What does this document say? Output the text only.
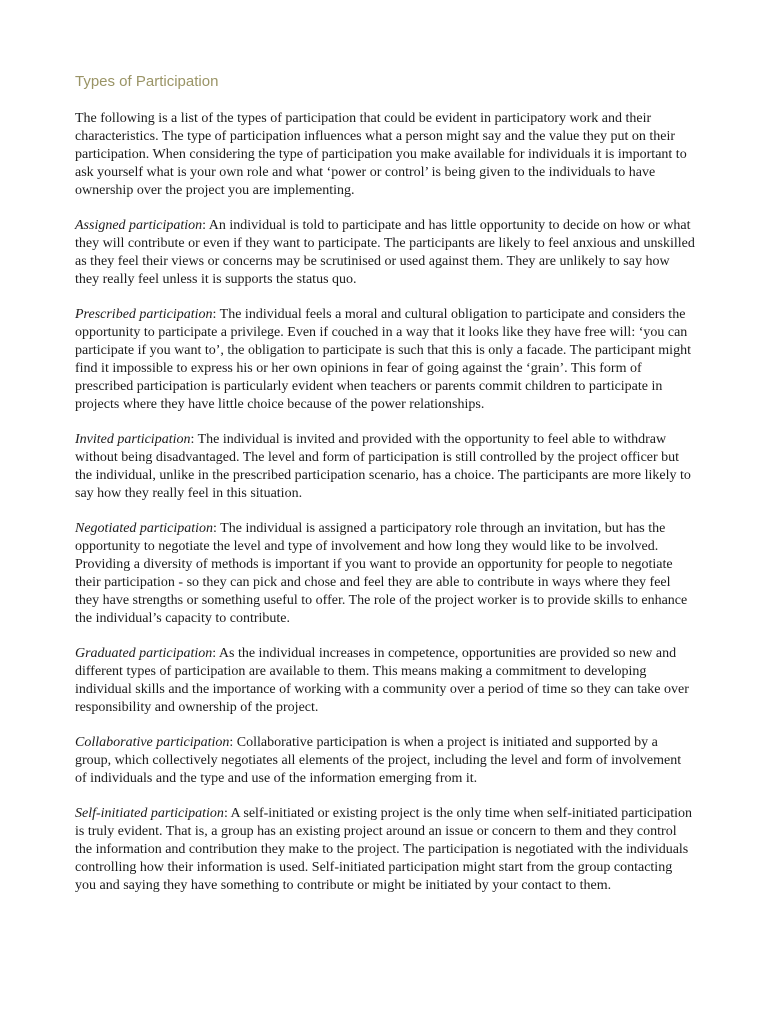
Types of Participation

The following is a list of the types of participation that could be evident in participatory work and their characteristics. The type of participation influences what a person might say and the value they put on their participation. When considering the type of participation you make available for individuals it is important to ask yourself what is your own role and what ‘power or control’ is being given to the individuals to have ownership over the project you are implementing.

Assigned participation: An individual is told to participate and has little opportunity to decide on how or what they will contribute or even if they want to participate. The participants are likely to feel anxious and unskilled as they feel their views or concerns may be scrutinised or used against them. They are unlikely to say how they really feel unless it is supports the status quo.

Prescribed participation: The individual feels a moral and cultural obligation to participate and considers the opportunity to participate a privilege. Even if couched in a way that it looks like they have free will: ‘you can participate if you want to’, the obligation to participate is such that this is only a facade. The participant might find it impossible to express his or her own opinions in fear of going against the ‘grain’. This form of prescribed participation is particularly evident when teachers or parents commit children to participate in projects where they have little choice because of the power relationships.

Invited participation: The individual is invited and provided with the opportunity to feel able to withdraw without being disadvantaged. The level and form of participation is still controlled by the project officer but the individual, unlike in the prescribed participation scenario, has a choice. The participants are more likely to say how they really feel in this situation.

Negotiated participation: The individual is assigned a participatory role through an invitation, but has the opportunity to negotiate the level and type of involvement and how long they would like to be involved. Providing a diversity of methods is important if you want to provide an opportunity for people to negotiate their participation - so they can pick and chose and feel they are able to contribute in ways where they feel they have strengths or something useful to offer. The role of the project worker is to provide skills to enhance the individual’s capacity to contribute.

Graduated participation: As the individual increases in competence, opportunities are provided so new and different types of participation are available to them. This means making a commitment to developing individual skills and the importance of working with a community over a period of time so they can take over responsibility and ownership of the project.

Collaborative participation: Collaborative participation is when a project is initiated and supported by a group, which collectively negotiates all elements of the project, including the level and form of involvement of individuals and the type and use of the information emerging from it.

Self-initiated participation: A self-initiated or existing project is the only time when self-initiated participation is truly evident. That is, a group has an existing project around an issue or concern to them and they control the information and contribution they make to the project. The participation is negotiated with the individuals controlling how their information is used. Self-initiated participation might start from the group contacting you and saying they have something to contribute or might be initiated by your contact to them.
